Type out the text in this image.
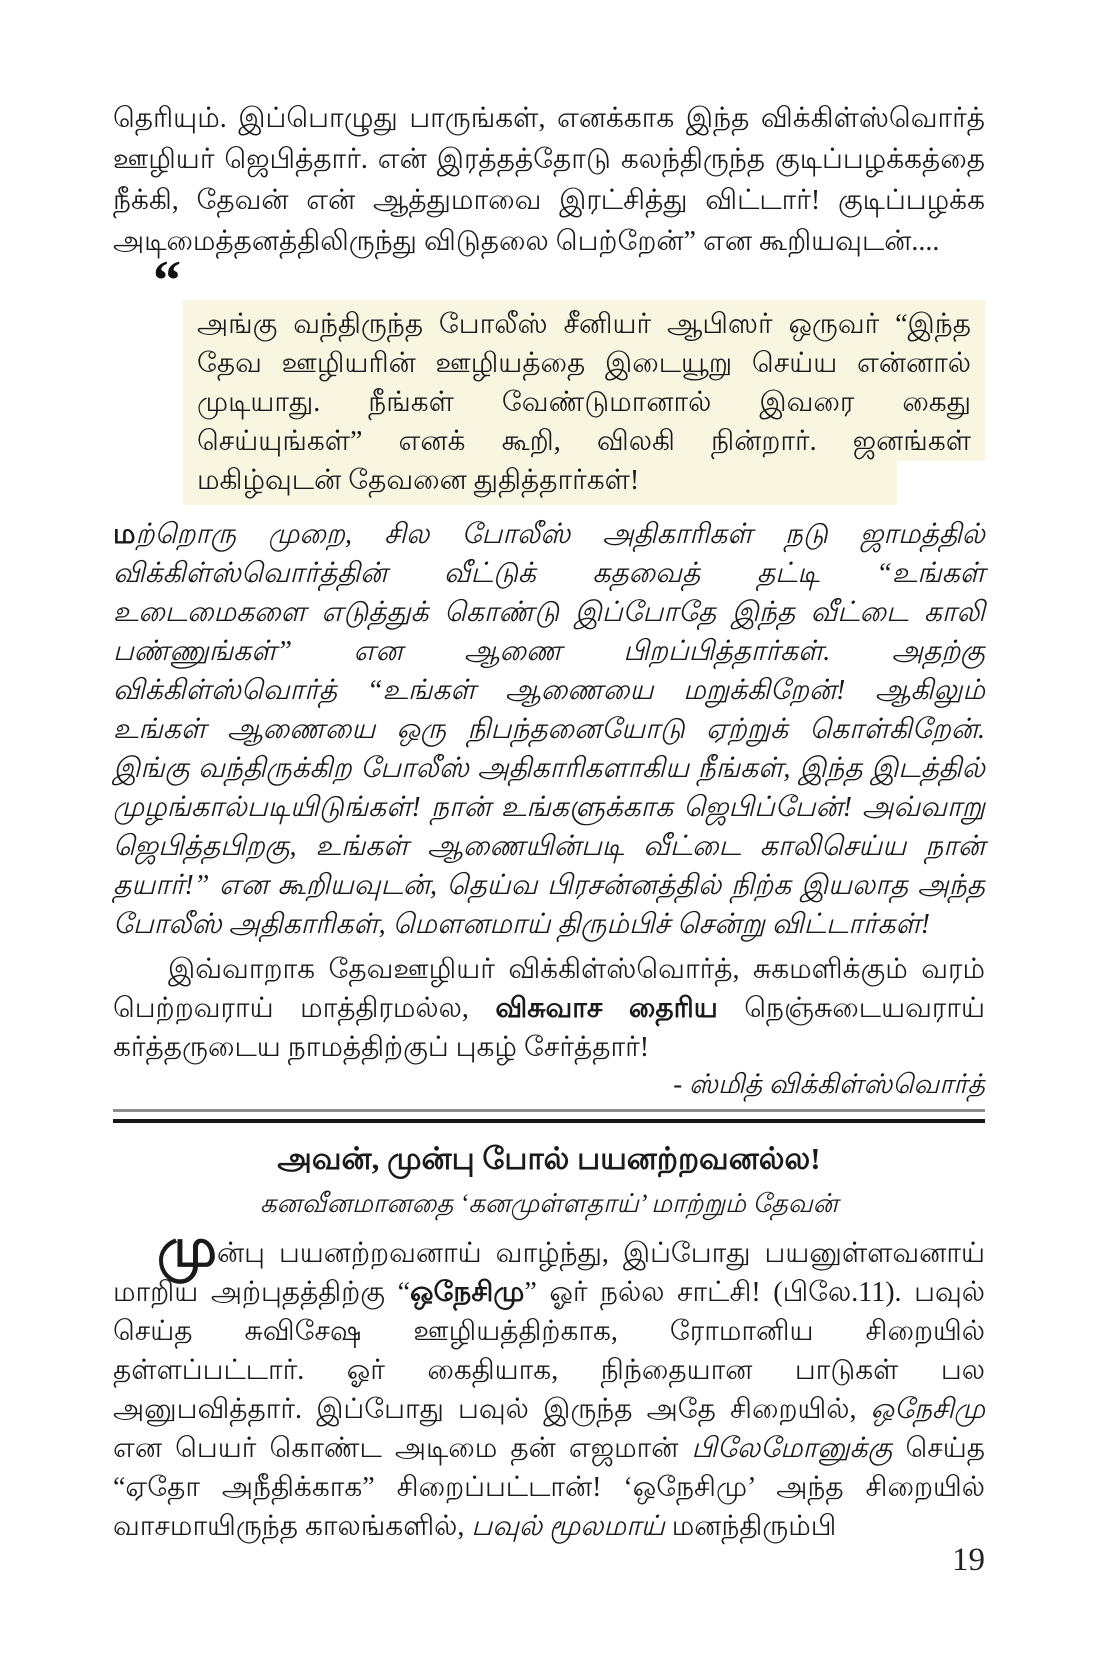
தெரியும். இப்பொழுது பாருங்கள், எனக்காக இந்த விக்கிள்ஸ்வொர்த் ஊழியர் ஜெபித்தார். என் இரத்தத்தோடு கலந்திருந்த குடிப்பழக்கத்தை நீக்கி, தேவன் என் ஆத்துமாவை இரட்சித்து விட்டார்! குடிப்பழக்க அடிமைத்தனத்திலிருந்து விடுதலை பெற்றேன்” என கூறியவுடன்....

“
அங்கு வந்திருந்த போலீஸ் சீனியர் ஆபிஸர் ஒருவர் “இந்த தேவ ஊழியரின் ஊழியத்தை இடையூறு செய்ய என்னால் முடியாது. நீங்கள் வேண்டுமானால் இவரை கைது செய்யுங்கள்” எனக் கூறி, விலகி நின்றார். ஜனங்கள் மகிழ்வுடன் தேவனை துதித்தார்கள்!

மற்றொரு முறை, சில போலீஸ் அதிகாரிகள் நடு ஜாமத்தில் விக்கிள்ஸ்வொர்த்தின் வீட்டுக் கதவைத் தட்டி “உங்கள் உடைமைகளை எடுத்துக் கொண்டு இப்போதே இந்த வீட்டை காலி பண்ணுங்கள்” என ஆணை பிறப்பித்தார்கள். அதற்கு விக்கிள்ஸ்வொர்த் “உங்கள் ஆணையை மறுக்கிறேன்! ஆகிலும் உங்கள் ஆணையை ஒரு நிபந்தனையோடு ஏற்றுக் கொள்கிறேன். இங்கு வந்திருக்கிற போலீஸ் அதிகாரிகளாகிய நீங்கள், இந்த இடத்தில் முழங்கால்படியிடுங்கள்! நான் உங்களுக்காக ஜெபிப்பேன்! அவ்வாறு ஜெபித்தபிறகு, உங்கள் ஆணையின்படி வீட்டை காலிசெய்ய நான் தயார்!” என கூறியவுடன், தெய்வ பிரசன்னத்தில் நிற்க இயலாத அந்த போலீஸ் அதிகாரிகள், மௌனமாய் திரும்பிச் சென்று விட்டார்கள்!

இவ்வாறாக தேவஊழியர் விக்கிள்ஸ்வொர்த், சுகமளிக்கும் வரம் பெற்றவராய் மாத்திரமல்ல, விசுவாச தைரிய நெஞ்சுடையவராய் கர்த்தருடைய நாமத்திற்குப் புகழ் சேர்த்தார்!

- ஸ்மித் விக்கிள்ஸ்வொர்த்

அவன், முன்பு போல் பயனற்றவனல்ல!

கனவீனமானதை ‘கனமுள்ளதாய்’ மாற்றும் தேவன்

முன்பு பயனற்றவனாய் வாழ்ந்து, இப்போது பயனுள்ளவனாய் மாறிய அற்புதத்திற்கு “ஒநேசிமு” ஓர் நல்ல சாட்சி! (பிலே.11). பவுல் செய்த சுவிசேஷ ஊழியத்திற்காக, ரோமானிய சிறையில் தள்ளப்பட்டார். ஓர் கைதியாக, நிந்தையான பாடுகள் பல அனுபவித்தார். இப்போது பவுல் இருந்த அதே சிறையில், ஒநேசிமு என பெயர் கொண்ட அடிமை தன் எஜமான் பிலேமோனுக்கு செய்த “ஏதோ அநீதிக்காக” சிறைப்பட்டான்! ‘ஒநேசிமு’ அந்த சிறையில் வாசமாயிருந்த காலங்களில், பவுல் மூலமாய் மனந்திரும்பி

19
